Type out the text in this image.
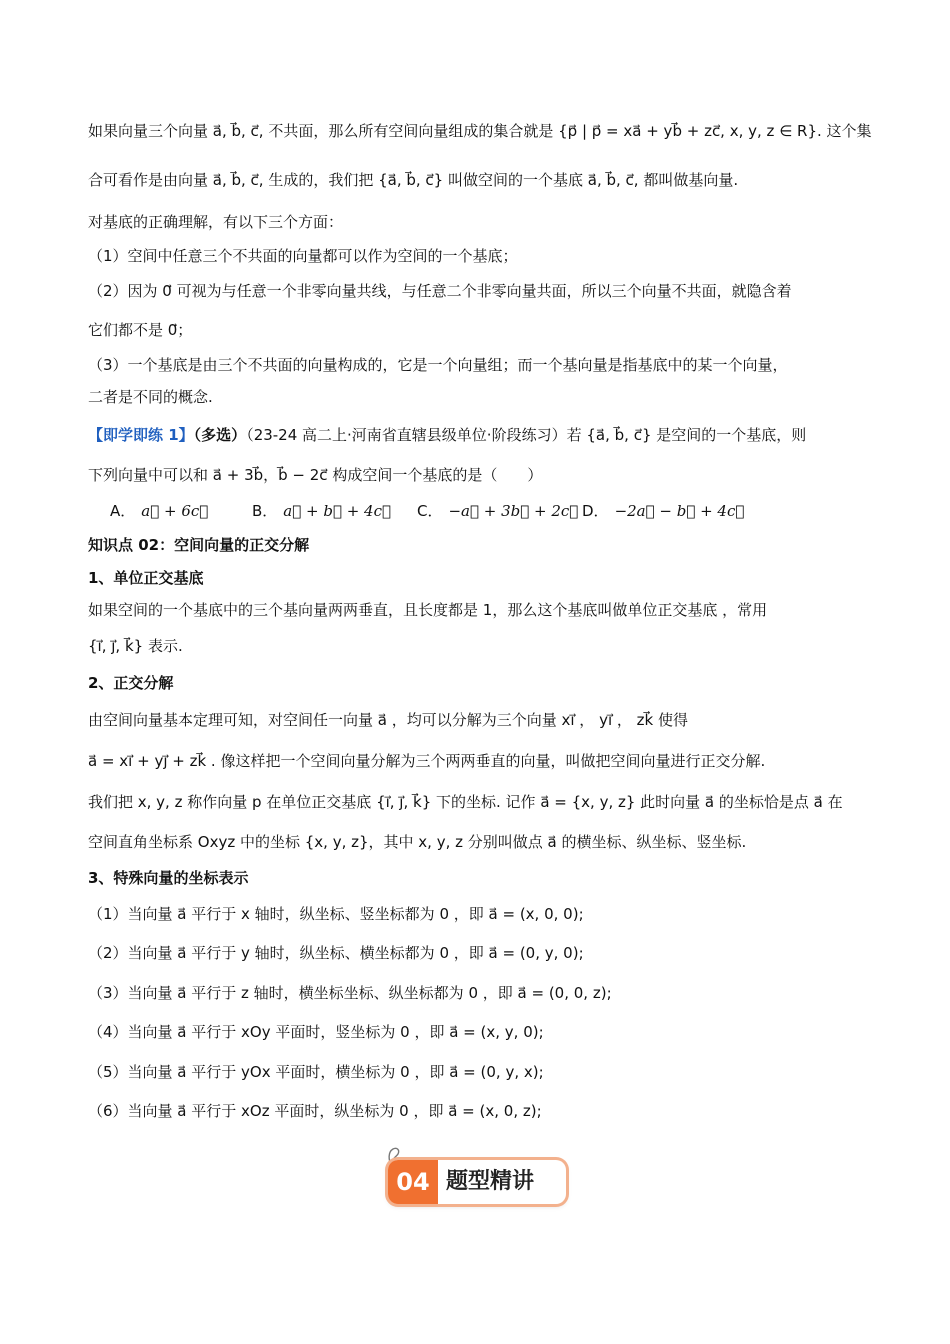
如果向量三个向量 a⃗, b⃗, c⃗, 不共面，那么所有空间向量组成的集合就是 {p⃗ | p⃗ = xa⃗ + yb⃗ + zc⃗, x, y, z ∈ R}. 这个集
合可看作是由向量 a⃗, b⃗, c⃗, 生成的，我们把 {a⃗, b⃗, c⃗} 叫做空间的一个基底 a⃗, b⃗, c⃗, 都叫做基向量.
对基底的正确理解，有以下三个方面：
（1）空间中任意三个不共面的向量都可以作为空间的一个基底；
（2）因为 0⃗ 可视为与任意一个非零向量共线，与任意二个非零向量共面，所以三个向量不共面，就隐含着
它们都不是 0⃗；
（3）一个基底是由三个不共面的向量构成的，它是一个向量组；而一个基向量是指基底中的某一个向量，
二者是不同的概念.
【即学即练 1】（多选）（23-24 高二上·河南省直辖县级单位·阶段练习）若 {a⃗, b⃗, c⃗} 是空间的一个基底，则
下列向量中可以和 a⃗ + 3b⃗，b⃗ − 2c⃗ 构成空间一个基底的是（　　）
A． a⃗ + 6c⃗	B． a⃗ + b⃗ + 4c⃗ C． −a⃗ + 3b⃗ + 2c⃗ D． −2a⃗ − b⃗ + 4c⃗
知识点 02：空间向量的正交分解
1、单位正交基底
如果空间的一个基底中的三个基向量两两垂直，且长度都是 1，那么这个基底叫做单位正交基底 ，常用
{i⃗, j⃗, k⃗} 表示.
2、正交分解
由空间向量基本定理可知，对空间任一向量 a⃗ ，均可以分解为三个向量 xi⃗ ， yi⃗ ， zk⃗ 使得
a⃗ = xi⃗ + yj⃗ + zk⃗ . 像这样把一个空间向量分解为三个两两垂直的向量，叫做把空间向量进行正交分解.
我们把 x, y, z 称作向量 p 在单位正交基底 {i⃗, j⃗, k⃗} 下的坐标. 记作 a⃗ = {x, y, z} 此时向量 a⃗ 的坐标恰是点 a⃗ 在
空间直角坐标系 Oxyz 中的坐标 {x, y, z}，其中 x, y, z 分别叫做点 a⃗ 的横坐标、纵坐标、竖坐标.
3、特殊向量的坐标表示
（1）当向量 a⃗ 平行于 x 轴时，纵坐标、竖坐标都为 0 ，即 a⃗ = (x, 0, 0);
（2）当向量 a⃗ 平行于 y 轴时，纵坐标、横坐标都为 0 ，即 a⃗ = (0, y, 0);
（3）当向量 a⃗ 平行于 z 轴时，横坐标坐标、纵坐标都为 0 ，即 a⃗ = (0, 0, z);
（4）当向量 a⃗ 平行于 xOy 平面时，竖坐标为 0 ，即 a⃗ = (x, y, 0);
（5）当向量 a⃗ 平行于 yOx 平面时，横坐标为 0 ，即 a⃗ = (0, y, x);
（6）当向量 a⃗ 平行于 xOz 平面时，纵坐标为 0 ，即 a⃗ = (x, 0, z);
04 题型精讲
